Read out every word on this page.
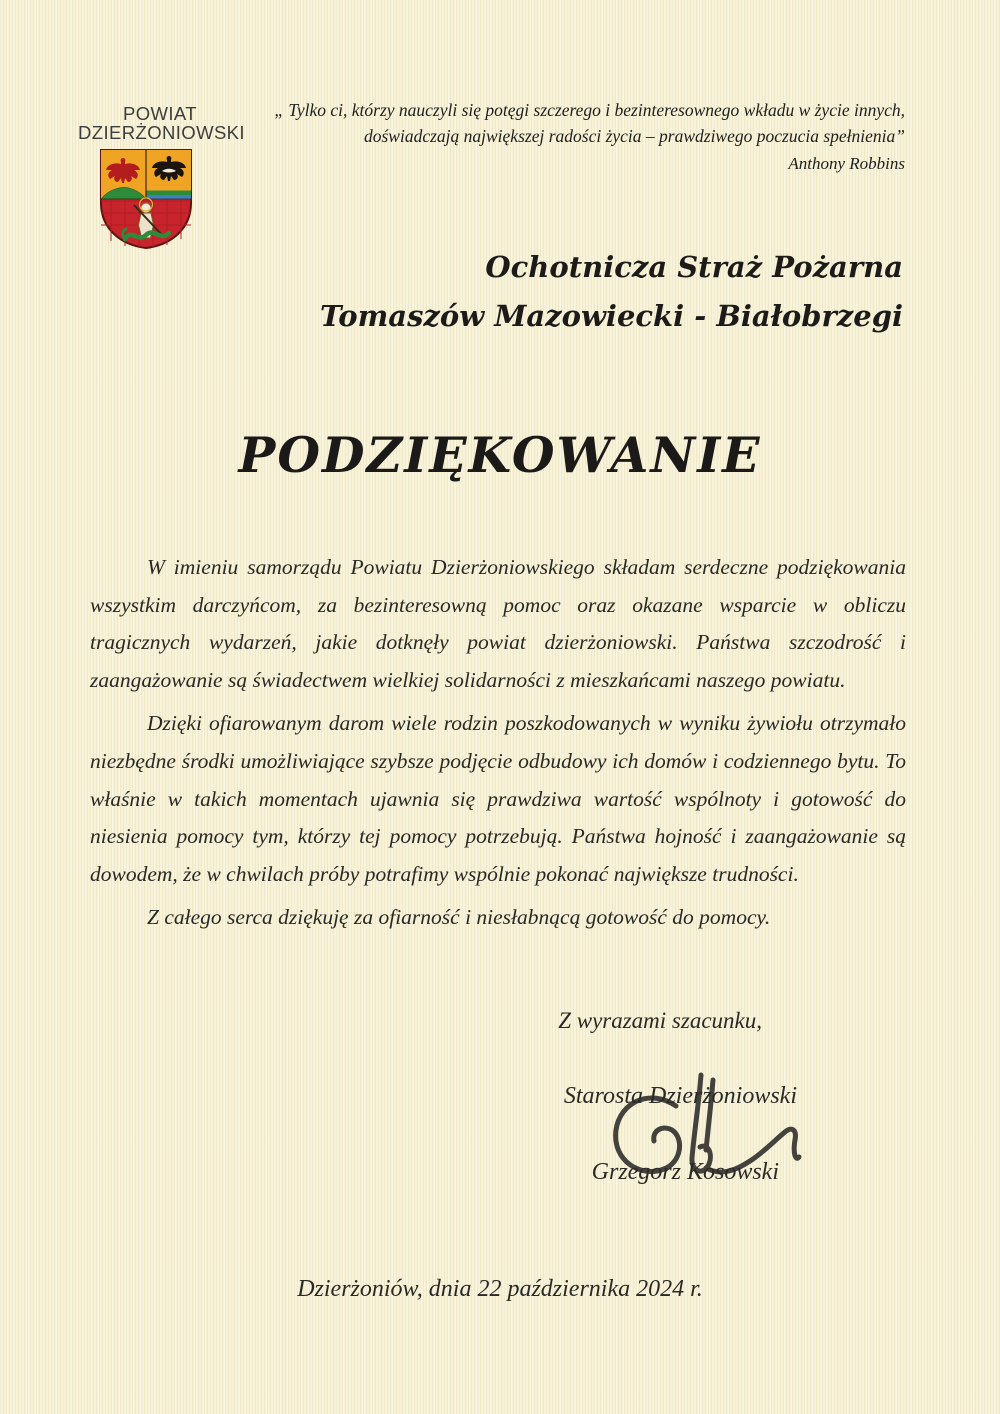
POWIAT
DZIERŻONIOWSKI
„ Tylko ci, którzy nauczyli się potęgi szczerego i bezinteresownego wkładu w życie innych,
doświadczają największej radości życia – prawdziwego poczucia spełnienia”
Anthony Robbins
Ochotnicza Straż Pożarna
Tomaszów Mazowiecki - Białobrzegi
PODZIĘKOWANIE

W imieniu samorządu Powiatu Dzierżoniowskiego składam serdeczne podziękowania wszystkim darczyńcom, za bezinteresowną pomoc oraz okazane wsparcie w obliczu tragicznych wydarzeń, jakie dotknęły powiat dzierżoniowski. Państwa szczodrość i zaangażowanie są świadectwem wielkiej solidarności z mieszkańcami naszego powiatu.

Dzięki ofiarowanym darom wiele rodzin poszkodowanych w wyniku żywiołu otrzymało niezbędne środki umożliwiające szybsze podjęcie odbudowy ich domów i codziennego bytu. To właśnie w takich momentach ujawnia się prawdziwa wartość wspólnoty i gotowość do niesienia pomocy tym, którzy tej pomocy potrzebują. Państwa hojność i zaangażowanie są dowodem, że w chwilach próby potrafimy wspólnie pokonać największe trudności.

Z całego serca dziękuję za ofiarność i niesłabnącą gotowość do pomocy.

Z wyrazami szacunku,
Starosta Dzierżoniowski
Grzegorz Kosowski
Dzierżoniów, dnia 22 października 2024 r.
